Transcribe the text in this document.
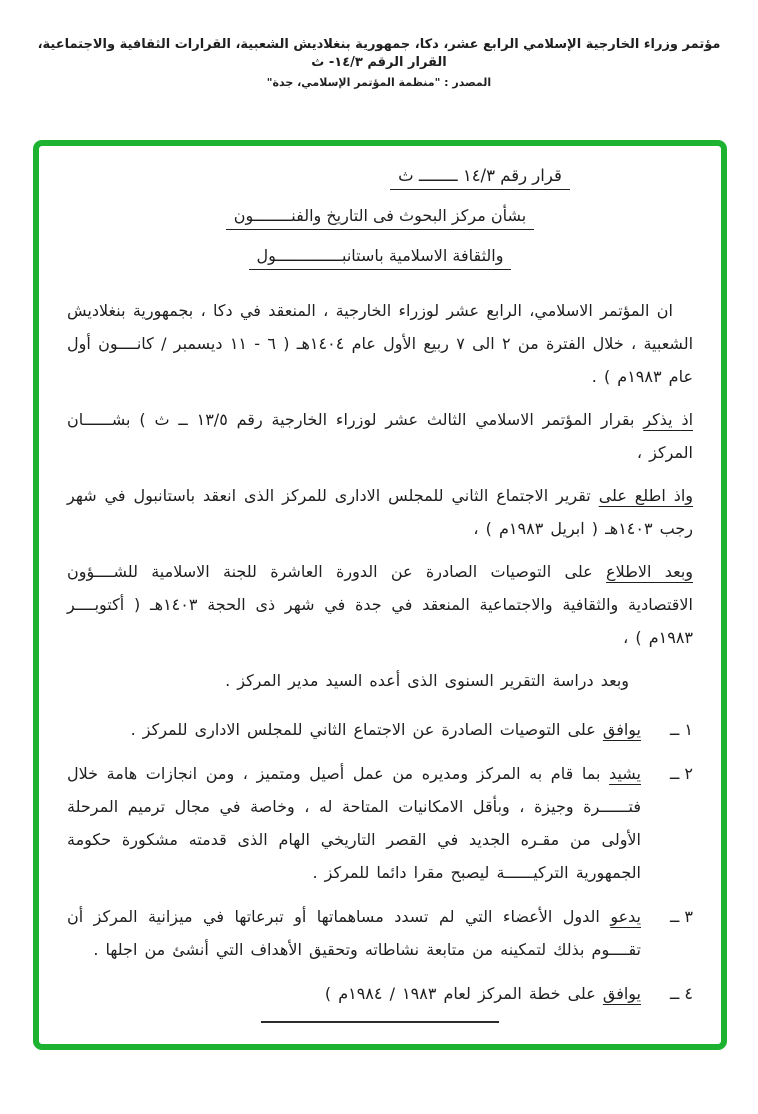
مؤتمر وزراء الخارجية الإسلامي الرابع عشر، دكا، جمهورية بنغلاديش الشعبية، القرارات الثقافية والاجتماعية، القرار الرقم ١٤/٣- ث
المصدر : "منظمة المؤتمر الإسلامي، جدة"
قرار رقم ١٤/٣ ــــــــ ث
بشأن مركز البحوث فى التاريخ والفنــــــــون
والثقافة الاسلامية باستانبــــــــــــــول

ان المؤتمر الاسلامي، الرابع عشر لوزراء الخارجية ، المنعقد في دكا ، بجمهورية بنغلاديش الشعبية ، خلال الفترة من ٢ الى ٧ ربيع الأول عام ١٤٠٤هـ ( ٦ - ١١ ديسمبر / كانــــون أول عام ١٩٨٣م ) .

اذ يذكر بقرار المؤتمر الاسلامي الثالث عشر لوزراء الخارجية رقم ١٣/٥ ــ ث ) بشــــــان المركز ،

واذ اطلع على تقرير الاجتماع الثاني للمجلس الادارى للمركز الذى انعقد باستانبول في شهر رجب ١٤٠٣هـ ( ابريل ١٩٨٣م ) ،

وبعد الاطلاع على التوصيات الصادرة عن الدورة العاشرة للجنة الاسلامية للشــــؤون الاقتصادية والثقافية والاجتماعية المنعقد في جدة في شهر ذى الحجة ١٤٠٣هـ ( أكتوبــــر ١٩٨٣م ) ،

وبعد دراسة التقرير السنوى الذى أعده السيد مدير المركز .

١ ــ
يوافق على التوصيات الصادرة عن الاجتماع الثاني للمجلس الادارى للمركز .
٢ ــ
يشيد بما قام به المركز ومديره من عمل أصيل ومتميز ، ومن انجازات هامة خلال فتــــــرة وجيزة ، وبأقل الامكانيات المتاحة له ، وخاصة في مجال ترميم المرحلة الأولى من مقـره الجديد في القصر التاريخي الهام الذى قدمته مشكورة حكومة الجمهورية التركيــــــة ليصبح مقرا دائما للمركز .
٣ ــ
يدعو الدول الأعضاء التي لم تسدد مساهماتها أو تبرعاتها في ميزانية المركز أن تقــــوم بذلك لتمكينه من متابعة نشاطاته وتحقيق الأهداف التي أنشئ من اجلها .
٤ ــ
يوافق على خطة المركز لعام ١٩٨٣ / ١٩٨٤م )
